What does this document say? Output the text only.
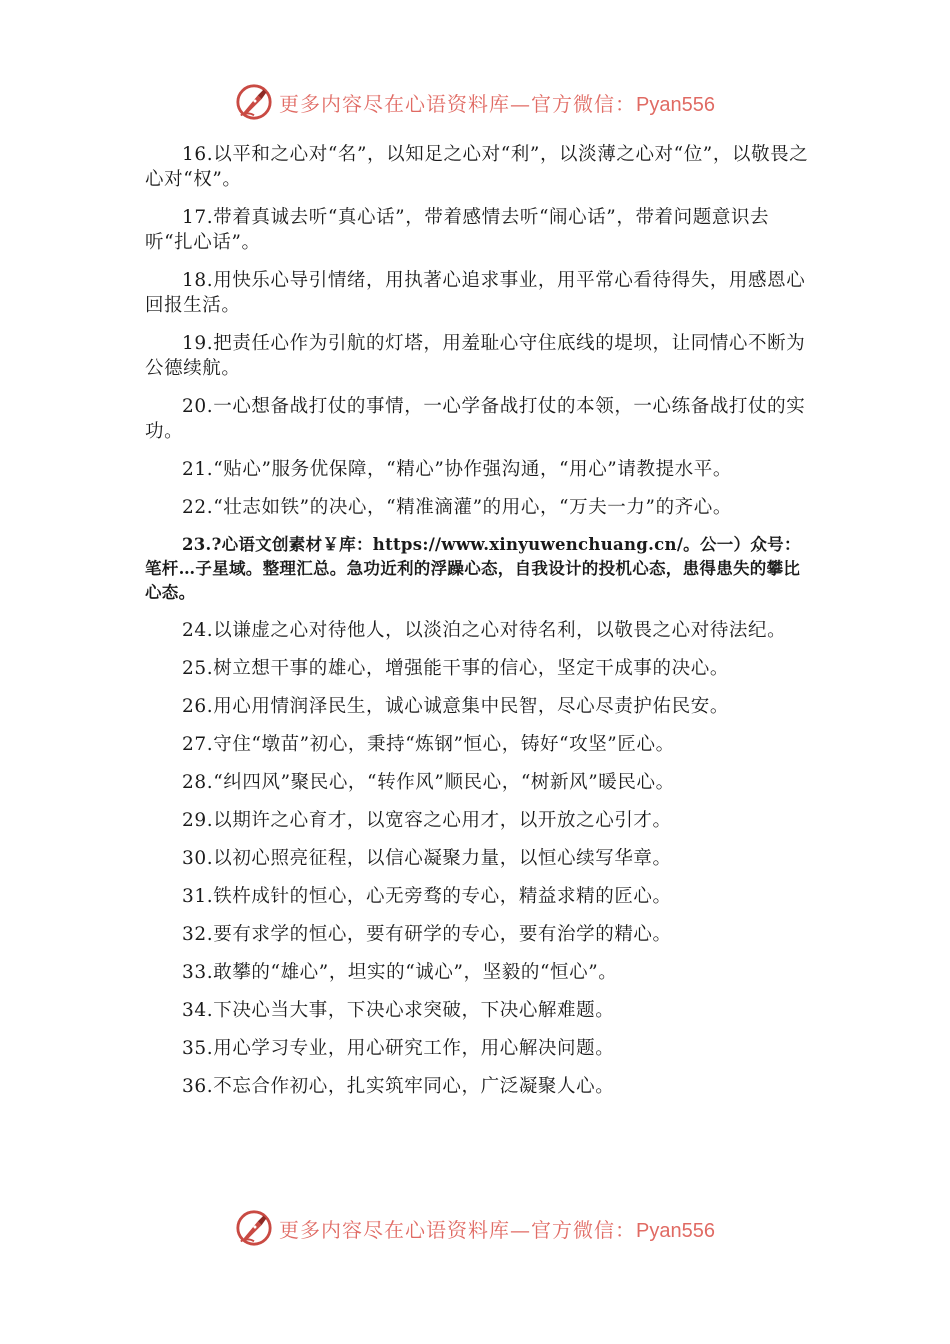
更多内容尽在心语资料库—官方微信：Pyan556

16.以平和之心对“名”，以知足之心对“利”，以淡薄之心对“位”，以敬畏之心对“权”。

17.带着真诚去听“真心话”，带着感情去听“闹心话”，带着问题意识去听“扎心话”。

18.用快乐心导引情绪，用执著心追求事业，用平常心看待得失，用感恩心回报生活。

19.把责任心作为引航的灯塔，用羞耻心守住底线的堤坝，让同情心不断为公德续航。

20.一心想备战打仗的事情，一心学备战打仗的本领，一心练备战打仗的实功。

21.“贴心”服务优保障，“精心”协作强沟通，“用心”请教提水平。

22.“壮志如铁”的决心，“精准滴灌”的用心，“万夫一力”的齐心。

23.?心语文创素材￥库：https://www.xinyuwenchuang.cn/。公一）众号：笔杆…子星域。整理汇总。急功近利的浮躁心态，自我设计的投机心态，患得患失的攀比心态。

24.以谦虚之心对待他人，以淡泊之心对待名利，以敬畏之心对待法纪。

25.树立想干事的雄心，增强能干事的信心，坚定干成事的决心。

26.用心用情润泽民生，诚心诚意集中民智，尽心尽责护佑民安。

27.守住“墩苗”初心，秉持“炼钢”恒心，铸好“攻坚”匠心。

28.“纠四风”聚民心，“转作风”顺民心，“树新风”暖民心。

29.以期许之心育才，以宽容之心用才，以开放之心引才。

30.以初心照亮征程，以信心凝聚力量，以恒心续写华章。

31.铁杵成针的恒心，心无旁骛的专心，精益求精的匠心。

32.要有求学的恒心，要有研学的专心，要有治学的精心。

33.敢攀的“雄心”，坦实的“诚心”，坚毅的“恒心”。

34.下决心当大事，下决心求突破，下决心解难题。

35.用心学习专业，用心研究工作，用心解决问题。

36.不忘合作初心，扎实筑牢同心，广泛凝聚人心。

更多内容尽在心语资料库—官方微信：Pyan556
